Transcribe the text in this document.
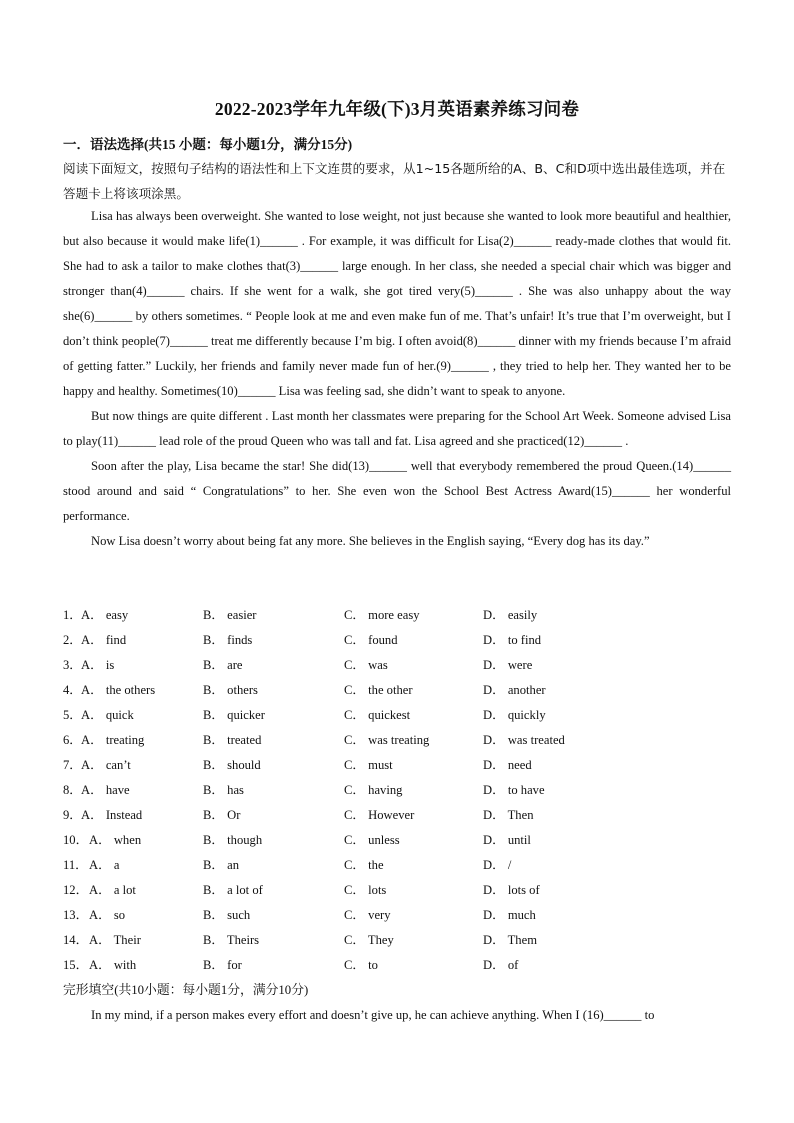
2022-2023学年九年级(下)3月英语素养练习问卷
一．语法选择(共15 小题：每小题1分，满分15分)
阅读下面短文，按照句子结构的语法性和上下文连贯的要求，从1~15各题所给的A、B、C和D项中选出最佳选项，并在答题卡上将该项涂黑。

Lisa has always been overweight. She wanted to lose weight, not just because she wanted to look more beautiful and healthier, but also because it would make life(1)______ . For example, it was difficult for Lisa(2)______ ready-made clothes that would fit. She had to ask a tailor to make clothes that(3)______ large enough. In her class, she needed a special chair which was bigger and stronger than(4)______ chairs. If she went for a walk, she got tired very(5)______ . She was also unhappy about the way she(6)______ by others sometimes. “ People look at me and even make fun of me. That’s unfair! It’s true that I’m overweight, but I don’t think people(7)______ treat me differently because I’m big. I often avoid(8)______ dinner with my friends because I’m afraid of getting fatter.” Luckily, her friends and family never made fun of her.(9)______ , they tried to help her. They wanted her to be happy and healthy. Sometimes(10)______ Lisa was feeling sad, she didn’t want to speak to anyone.

But now things are quite different . Last month her classmates were preparing for the School Art Week. Someone advised Lisa to play(11)______ lead role of the proud Queen who was tall and fat. Lisa agreed and she practiced(12)______ .

Soon after the play, Lisa became the star! She did(13)______ well that everybody remembered the proud Queen.(14)______ stood around and said “ Congratulations” to her. She even won the School Best Actress Award(15)______ her wonderful performance.

Now Lisa doesn’t worry about being fat any more. She believes in the English saying, “Every dog has its day.”

1． A． easy	B． easier	C． more easy	D． easily
2． A． find	B． finds	C． found	D． to find
3． A． is	B． are	C． was	D． were
4． A． the others	B． others	C． the other	D． another
5． A． quick	B． quicker	C． quickest	D． quickly
6． A． treating	B． treated	C． was treating	D． was treated
7． A． can’t	B． should	C． must	D． need
8． A． have	B． has	C． having	D． to have
9． A． Instead	B． Or	C． However	D． Then
10． A． when	B． though	C． unless	D． until
11． A． a	B． an	C． the	D． /
12． A． a lot	B． a lot of	C． lots	D． lots of
13． A． so	B． such	C． very	D． much
14． A． Their	B． Theirs	C． They	D． Them
15． A． with	B． for	C． to	D． of
完形填空(共10小题：每小题1分，满分10分)

In my mind, if a person makes every effort and doesn’t give up, he can achieve anything. When I (16)______ to
